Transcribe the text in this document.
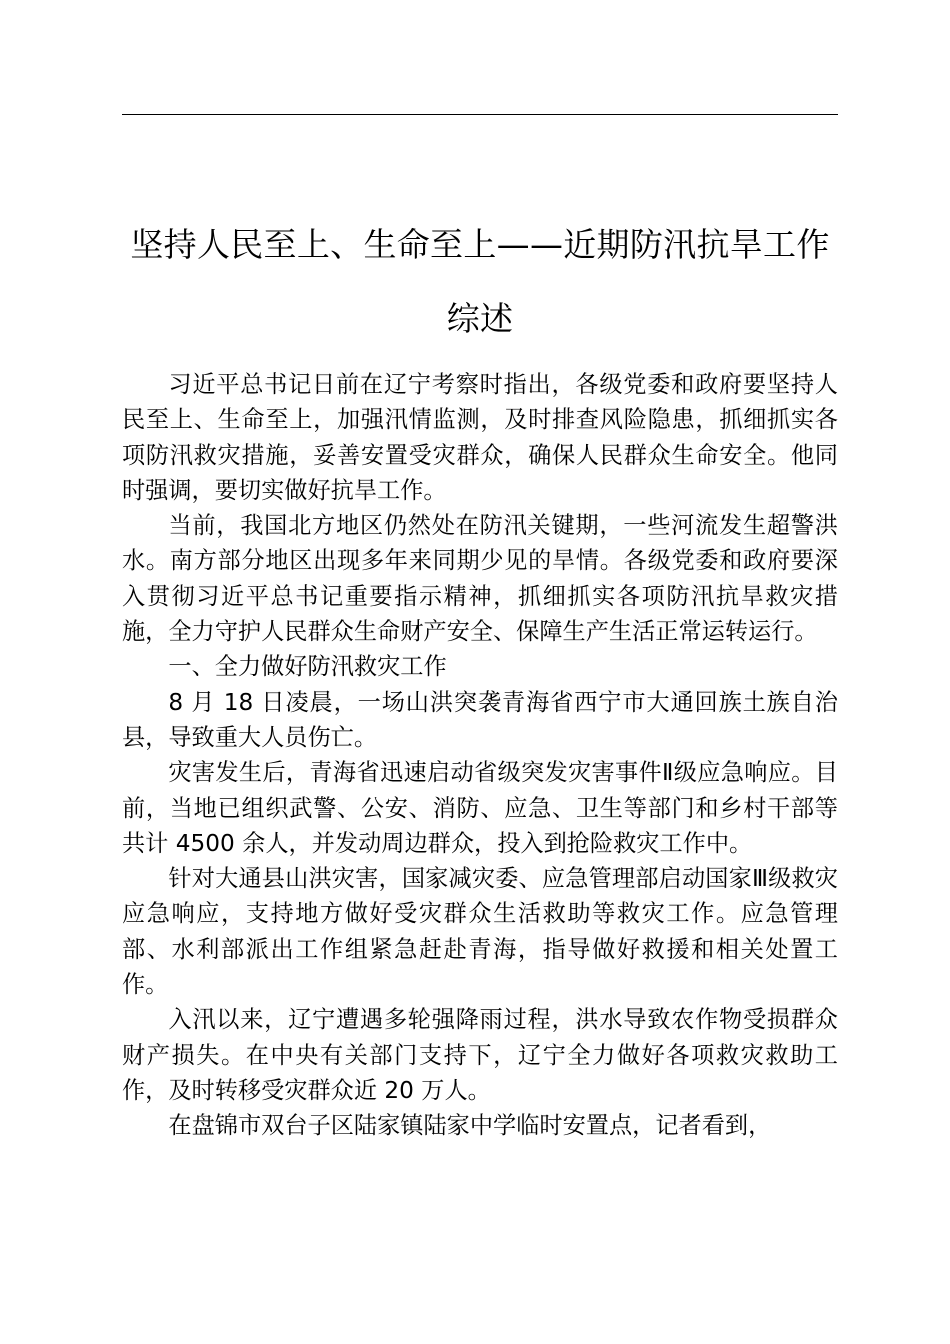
坚持人民至上、生命至上——近期防汛抗旱工作综述

习近平总书记日前在辽宁考察时指出，各级党委和政府要坚持人民至上、生命至上，加强汛情监测，及时排查风险隐患，抓细抓实各项防汛救灾措施，妥善安置受灾群众，确保人民群众生命安全。他同时强调，要切实做好抗旱工作。

当前，我国北方地区仍然处在防汛关键期，一些河流发生超警洪水。南方部分地区出现多年来同期少见的旱情。各级党委和政府要深入贯彻习近平总书记重要指示精神，抓细抓实各项防汛抗旱救灾措施，全力守护人民群众生命财产安全、保障生产生活正常运转运行。

一、全力做好防汛救灾工作

8 月 18 日凌晨，一场山洪突袭青海省西宁市大通回族土族自治县，导致重大人员伤亡。

灾害发生后，青海省迅速启动省级突发灾害事件Ⅱ级应急响应。目前，当地已组织武警、公安、消防、应急、卫生等部门和乡村干部等共计 4500 余人，并发动周边群众，投入到抢险救灾工作中。

针对大通县山洪灾害，国家减灾委、应急管理部启动国家Ⅲ级救灾应急响应，支持地方做好受灾群众生活救助等救灾工作。应急管理部、水利部派出工作组紧急赶赴青海，指导做好救援和相关处置工作。

入汛以来，辽宁遭遇多轮强降雨过程，洪水导致农作物受损群众财产损失。在中央有关部门支持下，辽宁全力做好各项救灾救助工作，及时转移受灾群众近 20 万人。

在盘锦市双台子区陆家镇陆家中学临时安置点，记者看到，
